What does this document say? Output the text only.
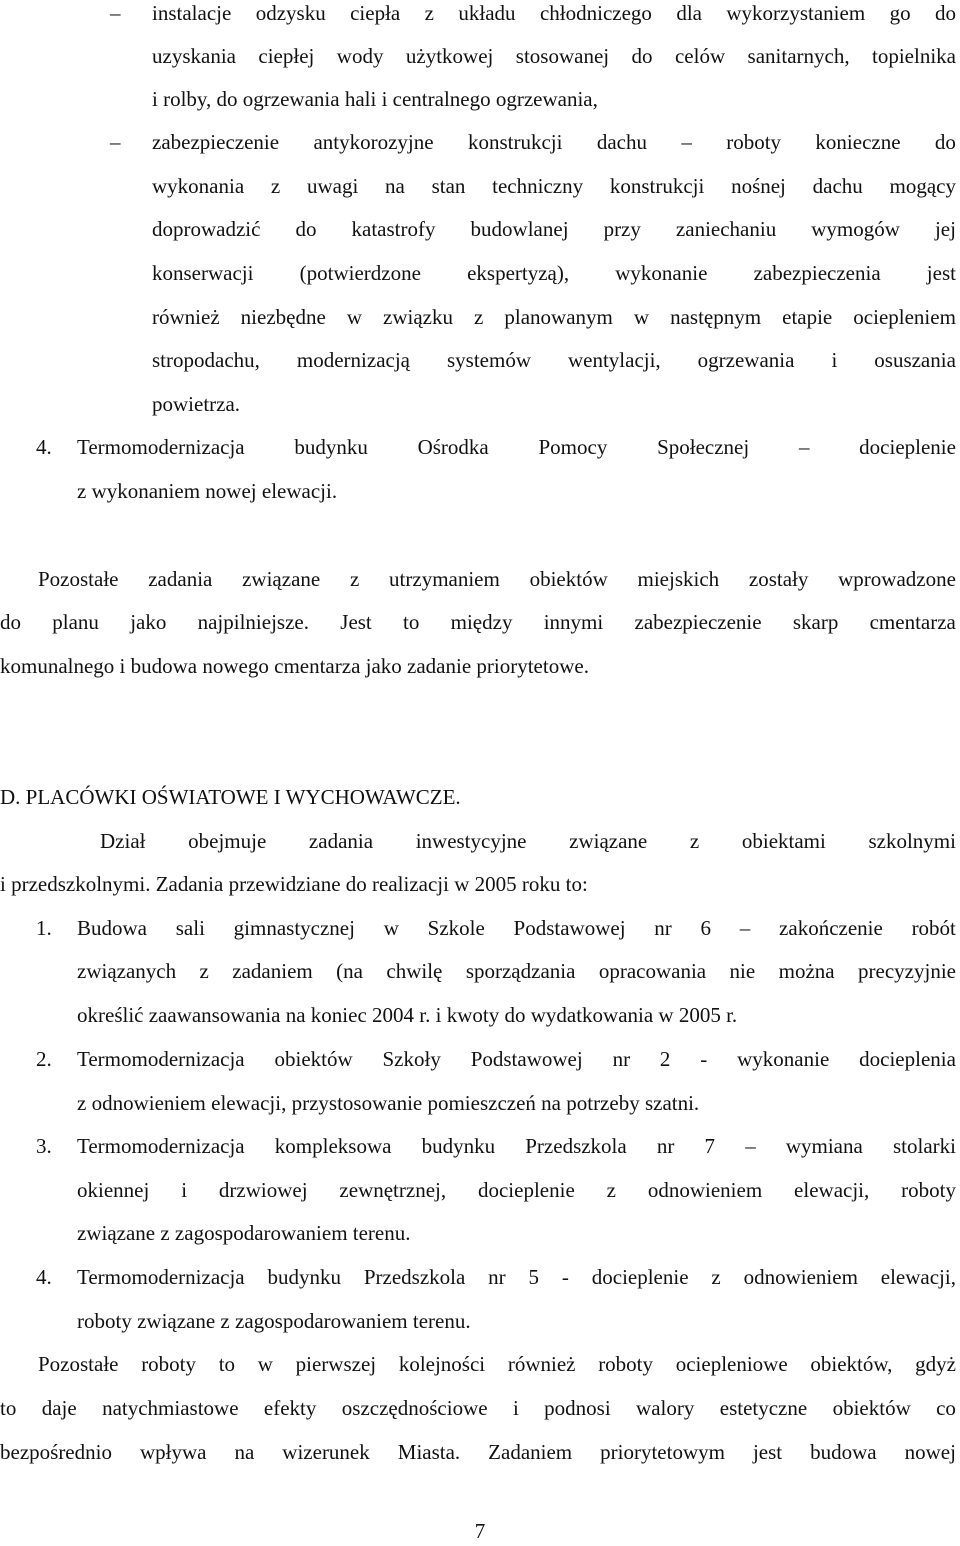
–	instalacje odzysku ciepła z układu chłodniczego dla wykorzystaniem go do
uzyskania ciepłej wody użytkowej stosowanej do celów sanitarnych, topielnika
i rolby, do ogrzewania hali i centralnego ogrzewania,
–	zabezpieczenie antykorozyjne konstrukcji dachu – roboty konieczne do
wykonania z uwagi na stan techniczny konstrukcji nośnej dachu mogący
doprowadzić do katastrofy budowlanej przy zaniechaniu wymogów jej
konserwacji (potwierdzone ekspertyzą), wykonanie zabezpieczenia jest
również niezbędne w związku z planowanym w następnym etapie ociepleniem
stropodachu, modernizacją systemów wentylacji, ogrzewania i osuszania
powietrza.
4. Termomodernizacja budynku Ośrodka Pomocy Społecznej – docieplenie
z wykonaniem nowej elewacji.
Pozostałe zadania związane z utrzymaniem obiektów miejskich zostały wprowadzone
do planu jako najpilniejsze. Jest to między innymi zabezpieczenie skarp cmentarza
komunalnego i budowa nowego cmentarza jako zadanie priorytetowe.
D. PLACÓWKI OŚWIATOWE I WYCHOWAWCZE.
Dział obejmuje zadania inwestycyjne związane z obiektami szkolnymi
i przedszkolnymi. Zadania przewidziane do realizacji w 2005 roku to:
1. Budowa sali gimnastycznej w Szkole Podstawowej nr 6 – zakończenie robót
związanych z zadaniem (na chwilę sporządzania opracowania nie można precyzyjnie
określić zaawansowania na koniec 2004 r. i kwoty do wydatkowania w 2005 r.
2. Termomodernizacja obiektów Szkoły Podstawowej nr 2 - wykonanie docieplenia
z odnowieniem elewacji, przystosowanie pomieszczeń na potrzeby szatni.
3. Termomodernizacja kompleksowa budynku Przedszkola nr 7 – wymiana stolarki
okiennej i drzwiowej zewnętrznej, docieplenie z odnowieniem elewacji, roboty
związane z zagospodarowaniem terenu.
4. Termomodernizacja budynku Przedszkola nr 5 - docieplenie z odnowieniem elewacji,
roboty związane z zagospodarowaniem terenu.
Pozostałe roboty to w pierwszej kolejności również roboty ociepleniowe obiektów, gdyż
to daje natychmiastowe efekty oszczędnościowe i podnosi walory estetyczne obiektów co
bezpośrednio wpływa na wizerunek Miasta. Zadaniem priorytetowym jest budowa nowej
7
